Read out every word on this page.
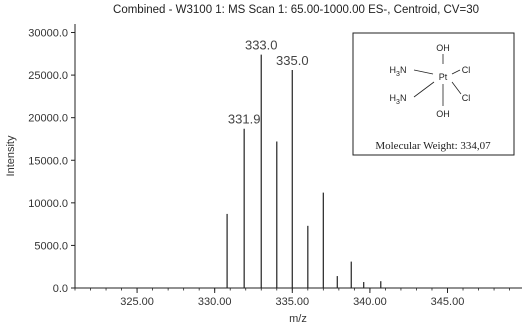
Combined - W3100 1: MS Scan 1: 65.00-1000.00 ES-, Centroid, CV=30
0.0
5000.0
10000.0
15000.0
20000.0
25000.0
30000.0
325.00	330.00	335.00	340.00	345.00
331.9
333.0
335.0
m/z
Intensity
OH
$H_3N$
Pt
Cl
$H_3N$	Cl
OH
Molecular Weight: 334,07
